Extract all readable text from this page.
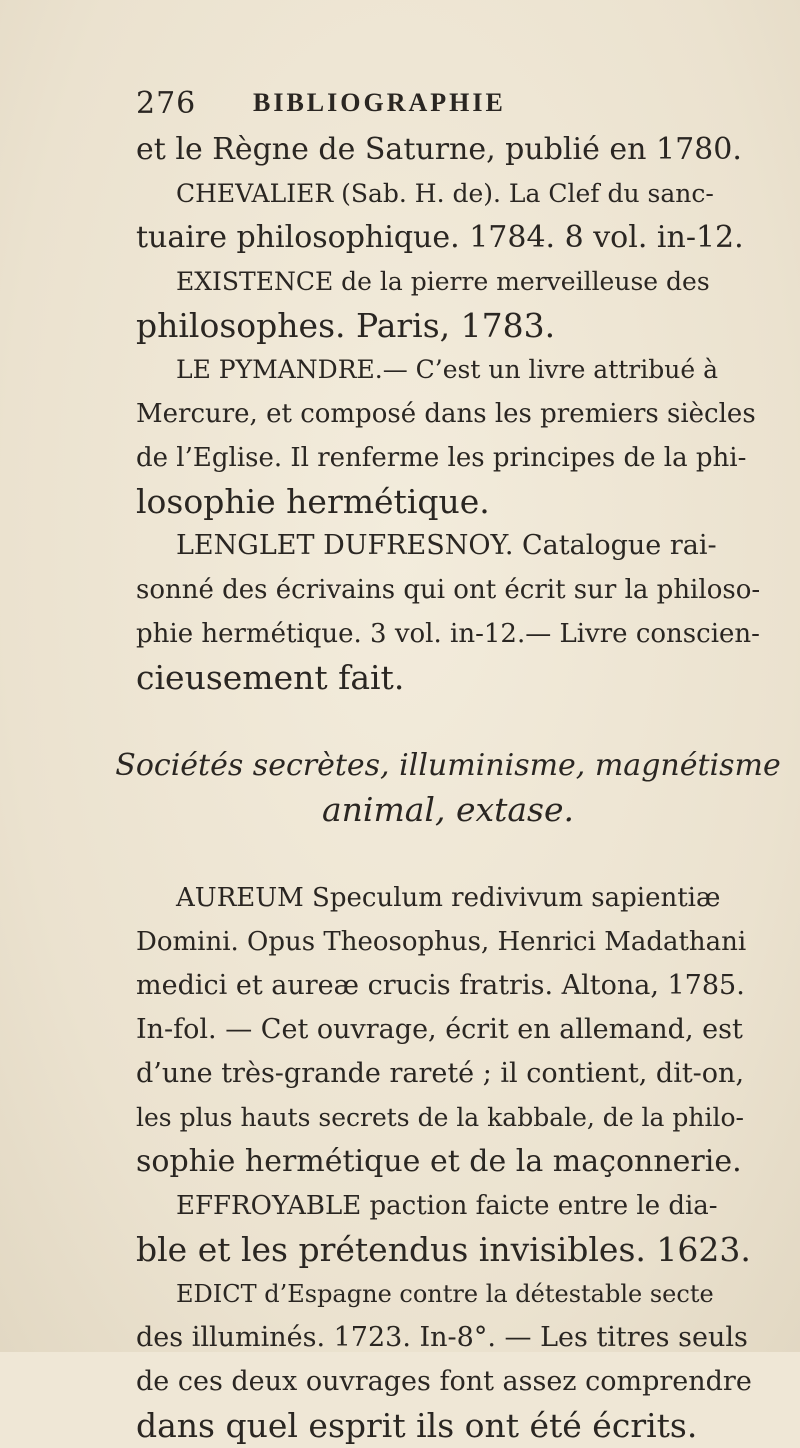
276 BIBLIOGRAPHIE
et le Règne de Saturne, publié en 1780.
CHEVALIER (Sab. H. de). La Clef du sanc-
tuaire philosophique. 1784. 8 vol. in-12.
EXISTENCE de la pierre merveilleuse des
philosophes. Paris, 1783.
LE PYMANDRE.— C’est un livre attribué à
Mercure, et composé dans les premiers siècles
de l’Eglise. Il renferme les principes de la phi-
losophie hermétique.
LENGLET DUFRESNOY. Catalogue rai-
sonné des écrivains qui ont écrit sur la philoso-
phie hermétique. 3 vol. in-12.— Livre conscien-
cieusement fait.
Sociétés secrètes, illuminisme, magnétisme
animal, extase.
AUREUM Speculum redivivum sapientiæ
Domini. Opus Theosophus, Henrici Madathani
medici et aureæ crucis fratris. Altona, 1785.
In-fol. — Cet ouvrage, écrit en allemand, est
d’une très-grande rareté ; il contient, dit-on,
les plus hauts secrets de la kabbale, de la philo-
sophie hermétique et de la maçonnerie.
EFFROYABLE paction faicte entre le dia-
ble et les prétendus invisibles. 1623.
EDICT d’Espagne contre la détestable secte
des illuminés. 1723. In-8°. — Les titres seuls
de ces deux ouvrages font assez comprendre
dans quel esprit ils ont été écrits.
